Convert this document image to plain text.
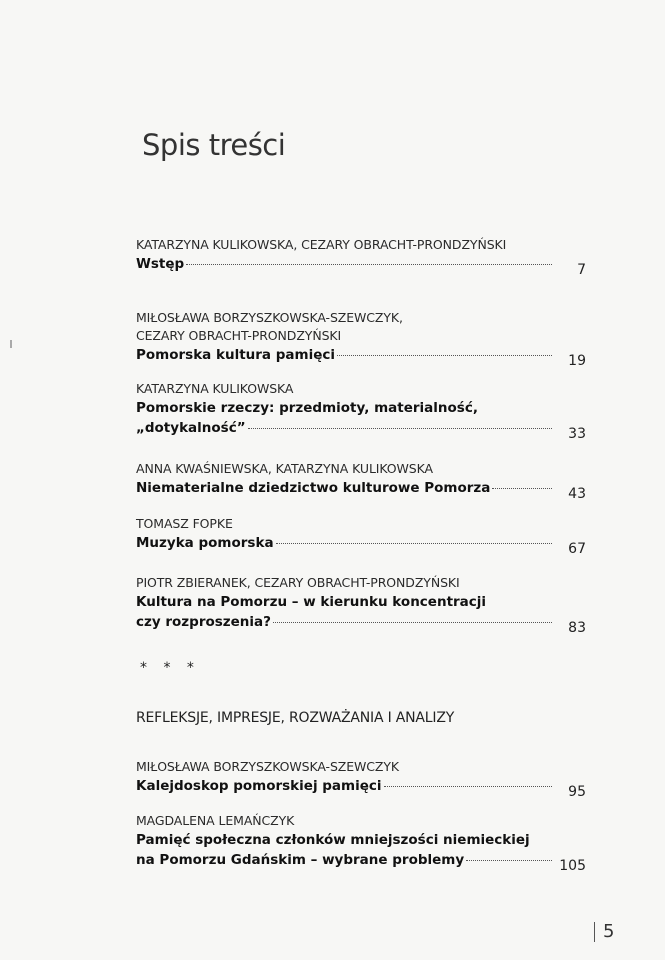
Spis treści
KATARZYNA KULIKOWSKA, CEZARY OBRACHT-PRONDZYŃSKI
Wstęp	7
MIŁOSŁAWA BORZYSZKOWSKA-SZEWCZYK,
CEZARY OBRACHT-PRONDZYŃSKI
Pomorska kultura pamięci	19
KATARZYNA KULIKOWSKA
Pomorskie rzeczy: przedmioty, materialność,
„dotykalność”	33
ANNA KWAŚNIEWSKA, KATARZYNA KULIKOWSKA
Niematerialne dziedzictwo kulturowe Pomorza	43
TOMASZ FOPKE
Muzyka pomorska	67
PIOTR ZBIERANEK, CEZARY OBRACHT-PRONDZYŃSKI
Kultura na Pomorzu – w kierunku koncentracji
czy rozproszenia?	83
* * *
REFLEKSJE, IMPRESJE, ROZWAŻANIA I ANALIZY
MIŁOSŁAWA BORZYSZKOWSKA-SZEWCZYK
Kalejdoskop pomorskiej pamięci	95
MAGDALENA LEMAŃCZYK
Pamięć społeczna członków mniejszości niemieckiej
na Pomorzu Gdańskim – wybrane problemy	105
5
